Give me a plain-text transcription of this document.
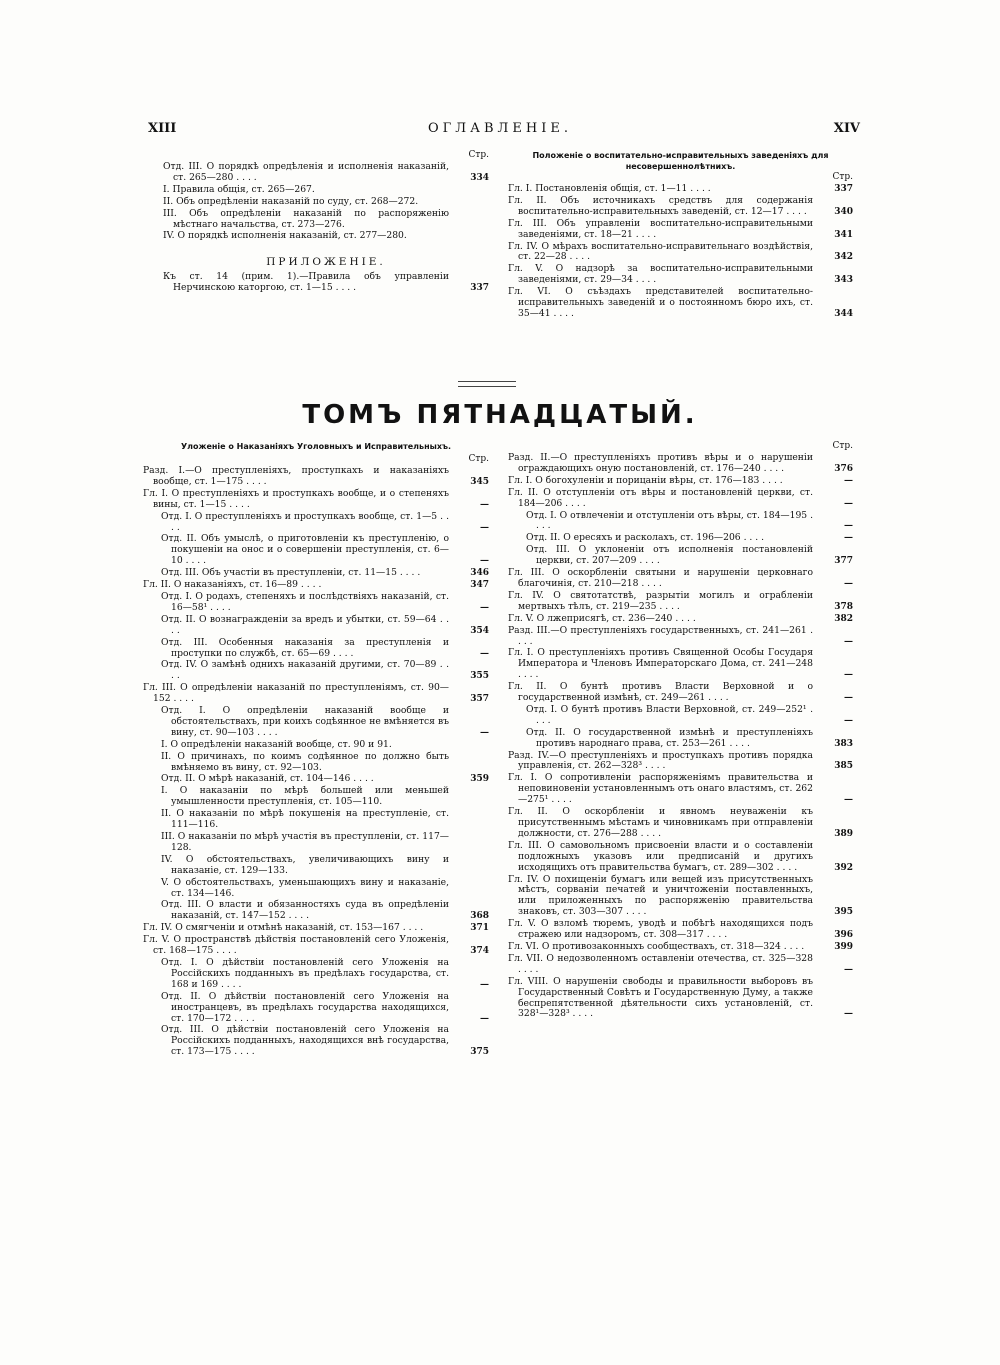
XIII	ОГЛАВЛЕНІЕ.	XIV
Стр.
Отд. III. О порядкѣ опредѣленія и исполненія наказаній, ст. 265—280 . . . .	334
I. Правила общія, ст. 265—267.
II. Объ опредѣленіи наказаній по суду, ст. 268—272.
III. Объ опредѣленіи наказаній по распоряженію мѣстнаго начальства, ст. 273—276.
IV. О порядкѣ исполненія наказаній, ст. 277—280.
ПРИЛОЖЕНІЕ.
Къ ст. 14 (прим. 1).—Правила объ управленіи Нерчинскою каторгою, ст. 1—15 . . . .	337
Положеніе о воспитательно-исправительныхъ заведеніяхъ для несовершеннолѣтнихъ.
Стр.
Гл. I. Постановленія общія, ст. 1—11 . . . .	337
Гл. II. Объ источникахъ средствъ для содержанія воспитательно-исправительныхъ заведеній, ст. 12—17 . . . .	340
Гл. III. Объ управленіи воспитательно-исправительными заведеніями, ст. 18—21 . . . .	341
Гл. IV. О мѣрахъ воспитательно-исправительнаго воздѣйствія, ст. 22—28 . . . .	342
Гл. V. О надзорѣ за воспитательно-исправительными заведеніями, ст. 29—34 . . . .	343
Гл. VI. О съѣздахъ представителей воспитательно-исправительныхъ заведеній и о постоянномъ бюро ихъ, ст. 35—41 . . . .	344
ТОМЪ ПЯТНАДЦАТЫЙ.
Уложеніе о Наказаніяхъ Уголовныхъ и Исправительныхъ.
Стр.
Разд. I.—О преступленіяхъ, проступкахъ и наказаніяхъ вообще, ст. 1—175 . . . .	345
Гл. I. О преступленіяхъ и проступкахъ вообще, и о степеняхъ вины, ст. 1—15 . . . .	—
Отд. I. О преступленіяхъ и проступкахъ вообще, ст. 1—5 . . . .	—
Отд. II. Объ умыслѣ, о приготовленіи къ преступленію, о покушеніи на онос и о совершеніи преступленія, ст. 6—10 . . . .	—
Отд. III. Объ участіи въ преступленіи, ст. 11—15 . . . .	346
Гл. II. О наказаніяхъ, ст. 16—89 . . . .	347
Отд. I. О родахъ, степеняхъ и послѣдствіяхъ наказаній, ст. 16—58¹ . . . .	—
Отд. II. О вознагражденіи за вредъ и убытки, ст. 59—64 . . . .	354
Отд. III. Особенныя наказанія за преступленія и проступки по службѣ, ст. 65—69 . . . .	—
Отд. IV. О замѣнѣ однихъ наказаній другими, ст. 70—89 . . . .	355
Гл. III. О опредѣленіи наказаній по преступленіямъ, ст. 90—152 . . . .	357
Отд. I. О опредѣленіи наказаній вообще и обстоятельствахъ, при коихъ содѣянное не вмѣняется въ вину, ст. 90—103 . . . .	—
I. О опредѣленіи наказаній вообще, ст. 90 и 91.
II. О причинахъ, по коимъ содѣянное по должно быть вмѣняемо въ вину, ст. 92—103.
Отд. II. О мѣрѣ наказаній, ст. 104—146 . . . .	359
I. О наказаніи по мѣрѣ большей или меньшей умышленности преступленія, ст. 105—110.
II. О наказаніи по мѣрѣ покушенія на преступленіе, ст. 111—116.
III. О наказаніи по мѣрѣ участія въ преступленіи, ст. 117—128.
IV. О обстоятельствахъ, увеличивающихъ вину и наказаніе, ст. 129—133.
V. О обстоятельствахъ, уменьшающихъ вину и наказаніе, ст. 134—146.
Отд. III. О власти и обязанностяхъ суда въ опредѣленіи наказаній, ст. 147—152 . . . .	368
Гл. IV. О смягченіи и отмѣнѣ наказаній, ст. 153—167 . . . .	371
Гл. V. О пространствѣ дѣйствія постановленій сего Уложенія, ст. 168—175 . . . .	374
Отд. I. О дѣйствіи постановленій сего Уложенія на Россійскихъ подданныхъ въ предѣлахъ государства, ст. 168 и 169 . . . .	—
Отд. II. О дѣйствіи постановленій сего Уложенія на иностранцевъ, въ предѣлахъ государства находящихся, ст. 170—172 . . . .	—
Отд. III. О дѣйствіи постановленій сего Уложенія на Россійскихъ подданныхъ, находящихся внѣ государства, ст. 173—175 . . . .	375
Стр.
Разд. II.—О преступленіяхъ противъ вѣры и о нарушеніи ограждающихъ оную постановленій, ст. 176—240 . . . .	376
Гл. I. О богохуленіи и порицаніи вѣры, ст. 176—183 . . . .	—
Гл. II. О отступленіи отъ вѣры и постановленій церкви, ст. 184—206 . . . .	—
Отд. I. О отвлеченіи и отступленіи отъ вѣры, ст. 184—195 . . . .	—
Отд. II. О ересяхъ и расколахъ, ст. 196—206 . . . .	—
Отд. III. О уклоненіи отъ исполненія постановленій церкви, ст. 207—209 . . . .	377
Гл. III. О оскорбленіи святыни и нарушеніи церковнаго благочинія, ст. 210—218 . . . .	—
Гл. IV. О святотатствѣ, разрытіи могилъ и ограбленіи мертвыхъ тѣлъ, ст. 219—235 . . . .	378
Гл. V. О лжеприсягѣ, ст. 236—240 . . . .	382
Разд. III.—О преступленіяхъ государственныхъ, ст. 241—261 . . . .	—
Гл. I. О преступленіяхъ противъ Священной Особы Государя Императора и Членовъ Императорскаго Дома, ст. 241—248 . . . .	—
Гл. II. О бунтѣ противъ Власти Верховной и о государственной измѣнѣ, ст. 249—261 . . . .	—
Отд. I. О бунтѣ противъ Власти Верховной, ст. 249—252¹ . . . .	—
Отд. II. О государственной измѣнѣ и преступленіяхъ противъ народнаго права, ст. 253—261 . . . .	383
Разд. IV.—О преступленіяхъ и проступкахъ противъ порядка управленія, ст. 262—328³ . . . .	385
Гл. I. О сопротивленіи распоряженіямъ правительства и неповиновеніи установленнымъ отъ онаго властямъ, ст. 262—275¹ . . . .	—
Гл. II. О оскорбленіи и явномъ неуваженіи къ присутственнымъ мѣстамъ и чиновникамъ при отправленіи должности, ст. 276—288 . . . .	389
Гл. III. О самовольномъ присвоеніи власти и о составленіи подложныхъ указовъ или предписаній и другихъ исходящихъ отъ правительства бумагъ, ст. 289—302 . . . .	392
Гл. IV. О похищеніи бумагъ или вещей изъ присутственныхъ мѣстъ, сорваніи печатей и уничтоженіи поставленныхъ, или приложенныхъ по распоряженію правительства знаковъ, ст. 303—307 . . . .	395
Гл. V. О взломѣ тюремъ, уводѣ и побѣгѣ находящихся подъ стражею или надзоромъ, ст. 308—317 . . . .	396
Гл. VI. О противозаконныхъ сообществахъ, ст. 318—324 . . . .	399
Гл. VII. О недозволенномъ оставленіи отечества, ст. 325—328 . . . .	—
Гл. VIII. О нарушеніи свободы и правильности выборовъ въ Государственный Совѣтъ и Государственную Думу, а также беспрепятственной дѣятельности сихъ установленій, ст. 328¹—328³ . . . .	—
